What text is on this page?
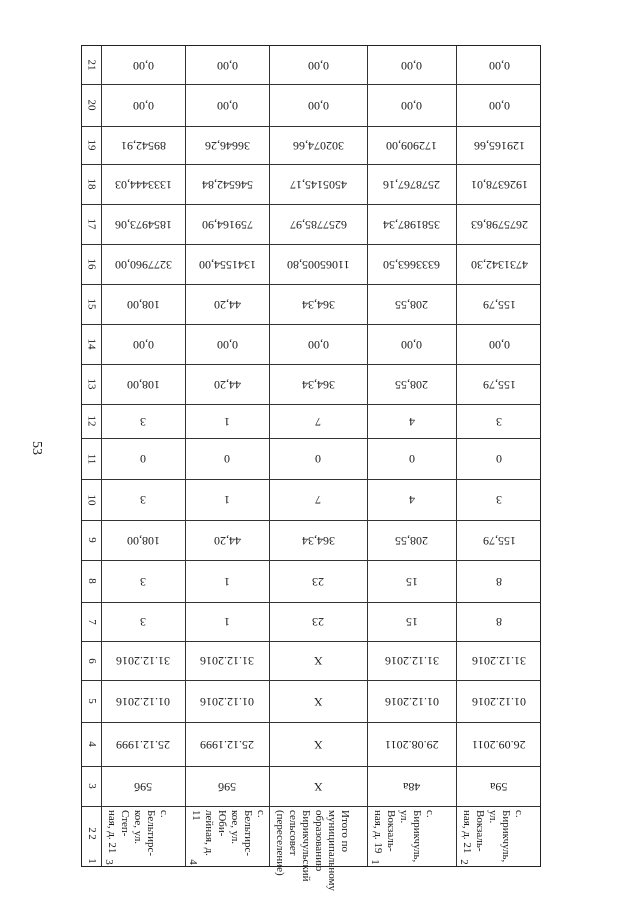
53
21
20
19
18
17
16
15
14
13
12
11
10
9
8
7
6
5
4
3
2
2
1
0,00
0,00
89542,91
1333444,03
1854973,06
3277960,00
108,00
0,00
108,00
3
0
3
108,00
3
3
31.12.2016
01.12.2016
25.12.1999
59б
с. Бельтирс-
кое, ул. Степ-
ная, д. 21
3
0,00
0,00
36646,26
546542,84
759164,90
1341554,00
44,20
0,00
44,20
1
0
1
44,20
1
1
31.12.2016
01.12.2016
25.12.1999
59б
с. Бельтирс-
кое, ул. Юби-
лейная, д. 11
4
0,00
0,00
302074,66
4505145,17
6257785,97
11065005,80
364,34
0,00
364,34
7
0
7
364,34
23
23
X
X
X
X
Итого по
муниципальному
образованию
Бирикчульский
сельсовет
(переселение)
0,00
0,00
172909,00
2578767,16
3581987,34
6333663,50
208,55
0,00
208,55
4
0
4
208,55
15
15
31.12.2016
01.12.2016
29.08.2011
48а
с. Бирикчуль,
ул. Вокзаль-
ная, д. 19
1
0,00
0,00
129165,66
1926378,01
2675798,63
4731342,30
155,79
0,00
155,79
3
0
3
155,79
8
8
31.12.2016
01.12.2016
26.09.2011
59а
с. Бирикчуль,
ул. Вокзаль-
ная, д. 21
2
